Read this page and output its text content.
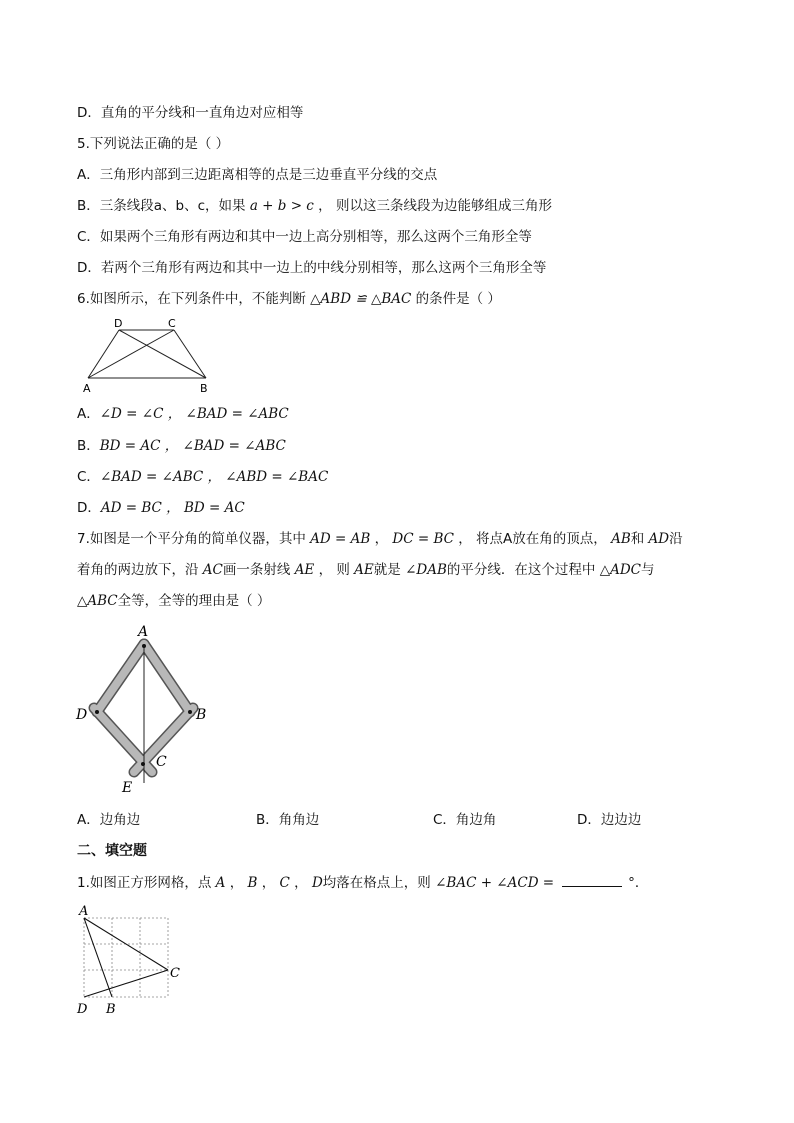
D．直角的平分线和一直角边对应相等
5.下列说法正确的是（ ）
A．三角形内部到三边距离相等的点是三边垂直平分线的交点
B．三条线段a、b、c，如果 a + b > c ， 则以这三条线段为边能够组成三角形
C．如果两个三角形有两边和其中一边上高分别相等，那么这两个三角形全等
D．若两个三角形有两边和其中一边上的中线分别相等，那么这两个三角形全等
6.如图所示，在下列条件中，不能判断 △ABD ≌ △BAC 的条件是（ ）
D	C
A	B
A．∠D = ∠C ， ∠BAD = ∠ABC
B．BD = AC ， ∠BAD = ∠ABC
C．∠BAD = ∠ABC ， ∠ABD = ∠BAC
D．AD = BC ， BD = AC
7.如图是一个平分角的简单仪器，其中 AD = AB ， DC = BC ， 将点A放在角的顶点， AB和 AD沿
着角的两边放下，沿 AC画一条射线 AE ， 则 AE就是 ∠DAB的平分线．在这个过程中 △ADC与
△ABC全等，全等的理由是（ ）
A
D	B
C
E
A．边角边	B．角角边	C．角边角	D．边边边
二、填空题
1.如图正方形网格，点 A ， B ， C ， D均落在格点上，则 ∠BAC + ∠ACD =	°．
A
C
D B
